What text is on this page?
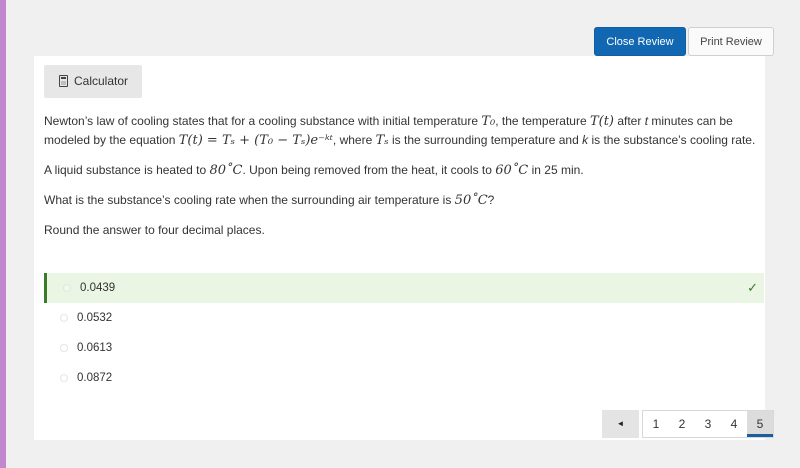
Close Review	Print Review
Calculator

Newton’s law of cooling states that for a cooling substance with initial temperature T₀, the temperature T(t) after t minutes can be modeled by the equation T(t) = Tₛ + (T₀ − Tₛ)e⁻ᵏᵗ, where Tₛ is the surrounding temperature and k is the substance’s cooling rate.

A liquid substance is heated to 80˚C. Upon being removed from the heat, it cools to 60˚C in 25 min.

What is the substance’s cooling rate when the surrounding air temperature is 50˚C?

Round the answer to four decimal places.

0.0439	✓
0.0532
0.0613
0.0872
◄	1	2	3	4	5
